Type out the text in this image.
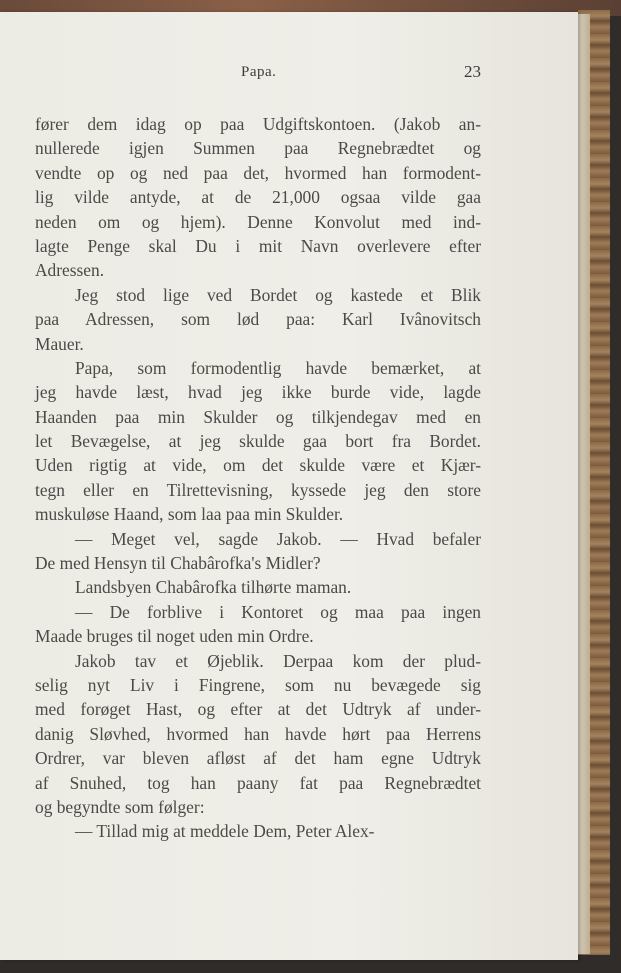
Papa.	23
fører dem idag op paa Udgiftskontoen. (Jakob an-
nullerede igjen Summen paa Regnebrædtet og
vendte op og ned paa det, hvormed han formodent-
lig vilde antyde, at de 21,000 ogsaa vilde gaa
neden om og hjem). Denne Konvolut med ind-
lagte Penge skal Du i mit Navn overlevere efter
Adressen.
Jeg stod lige ved Bordet og kastede et Blik
paa Adressen, som lød paa: Karl Ivânovitsch
Mauer.
Papa, som formodentlig havde bemærket, at
jeg havde læst, hvad jeg ikke burde vide, lagde
Haanden paa min Skulder og tilkjendegav med en
let Bevægelse, at jeg skulde gaa bort fra Bordet.
Uden rigtig at vide, om det skulde være et Kjær-
tegn eller en Tilrettevisning, kyssede jeg den store
muskuløse Haand, som laa paa min Skulder.
— Meget vel, sagde Jakob. — Hvad befaler
De med Hensyn til Chabârofka's Midler?
Landsbyen Chabârofka tilhørte maman.
— De forblive i Kontoret og maa paa ingen
Maade bruges til noget uden min Ordre.
Jakob tav et Øjeblik. Derpaa kom der plud-
selig nyt Liv i Fingrene, som nu bevægede sig
med forøget Hast, og efter at det Udtryk af under-
danig Sløvhed, hvormed han havde hørt paa Herrens
Ordrer, var bleven afløst af det ham egne Udtryk
af Snuhed, tog han paany fat paa Regnebrædtet
og begyndte som følger:
— Tillad mig at meddele Dem, Peter Alex-
